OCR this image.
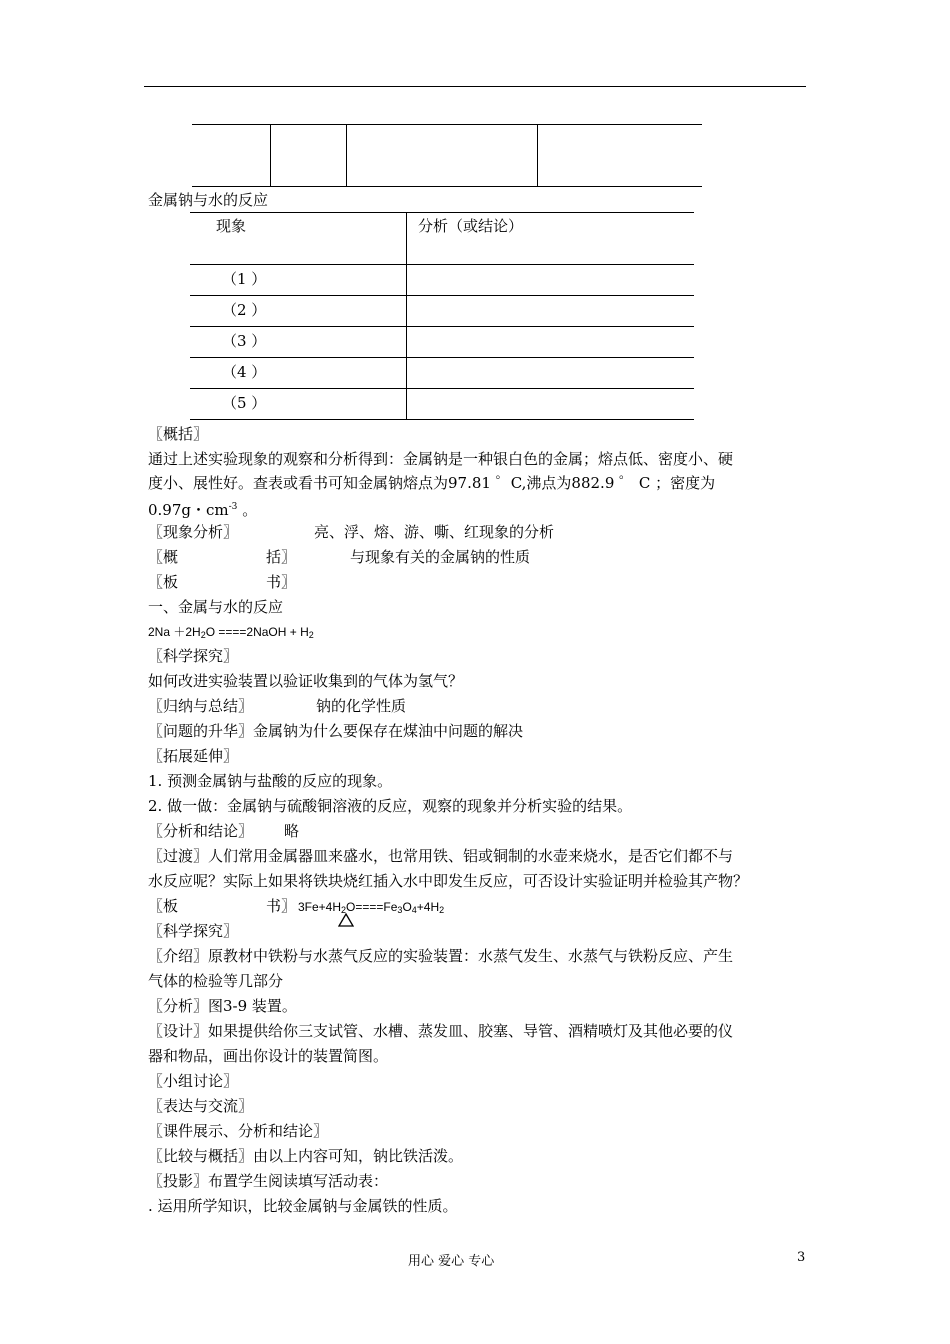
金属钠与水的反应
现象	分析（或结论）
（1 ）
（2 ）
（3 ）
（4 ）
（5 ）
〖概括〗
通过上述实验现象的观察和分析得到：金属钠是一种银白色的金属；熔点低、密度小、硬
度小、展性好。查表或看书可知金属钠熔点为97.81 ゜C,沸点为882.9 ゜ C ；密度为
0.97g・$cm^{-3}$ 。
〖现象分析〗	亮、浮、熔、游、嘶、红现象的分析
〖概	括〗	与现象有关的金属钠的性质
〖板	书〗
一、金属与水的反应
$2Na +2H_2O$ ====2NaOH + $H_2$
〖科学探究〗
如何改进实验装置以验证收集到的气体为氢气？
〖归纳与总结〗	钠的化学性质
〖问题的升华〗金属钠为什么要保存在煤油中问题的解决
〖拓展延伸〗
1. 预测金属钠与盐酸的反应的现象。
2. 做一做：金属钠与硫酸铜溶液的反应，观察的现象并分析实验的结果。
〖分析和结论〗 略
〖过渡〗人们常用金属器皿来盛水，也常用铁、铝或铜制的水壶来烧水，是否它们都不与
水反应呢？实际上如果将铁块烧红插入水中即发生反应，可否设计实验证明并检验其产物？
〖板	书〗 $3Fe+4H_2O====Fe_3O_4+4H_2$
〖科学探究〗
〖介绍〗原教材中铁粉与水蒸气反应的实验装置：水蒸气发生、水蒸气与铁粉反应、产生
气体的检验等几部分
〖分析〗图3-9 装置。
〖设计〗如果提供给你三支试管、水槽、蒸发皿、胶塞、导管、酒精喷灯及其他必要的仪
器和物品，画出你设计的装置简图。
〖小组讨论〗
〖表达与交流〗
〖课件展示、分析和结论〗
〖比较与概括〗由以上内容可知，钠比铁活泼。
〖投影〗布置学生阅读填写活动表：
. 运用所学知识，比较金属钠与金属铁的性质。
用心 爱心 专心	3
